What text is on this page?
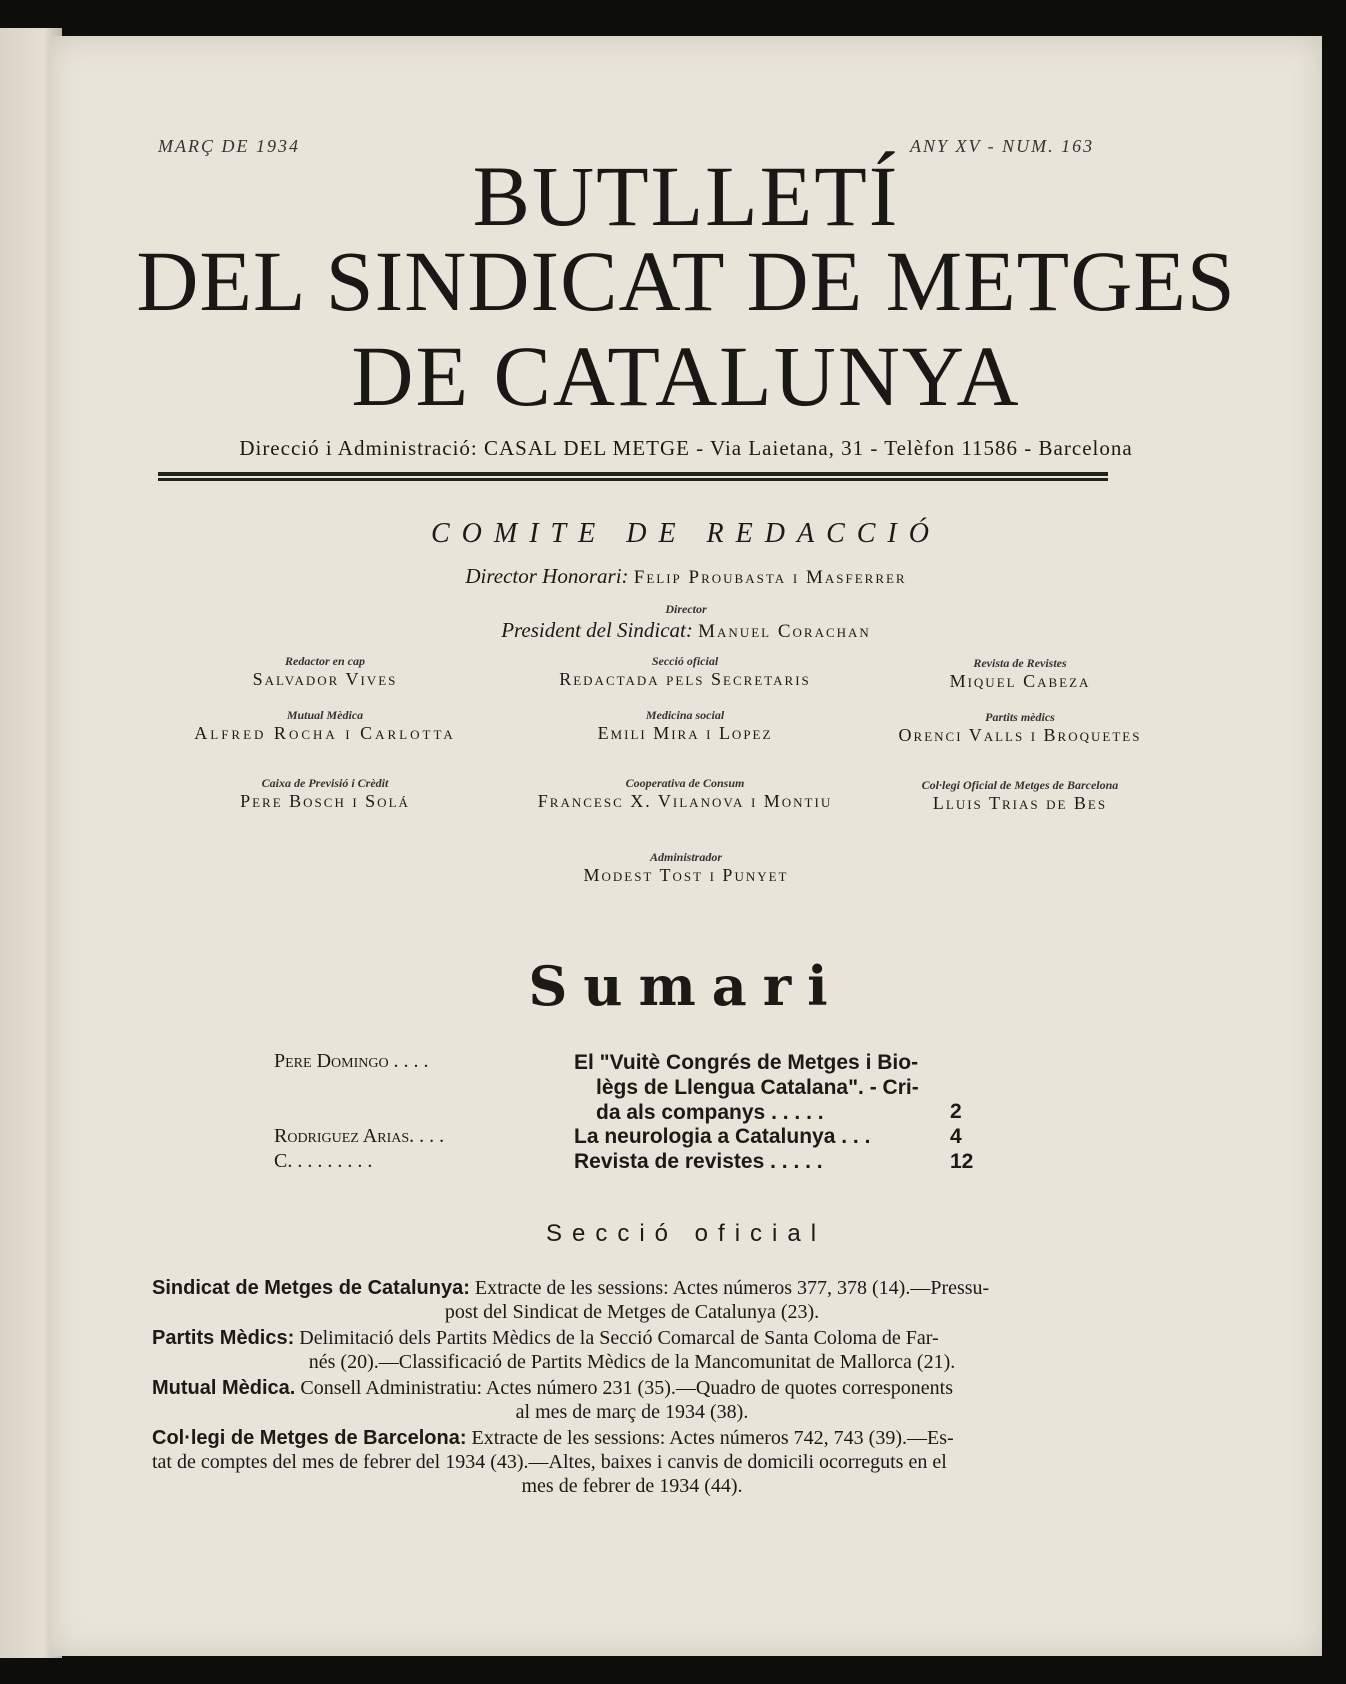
MARÇ DE 1934	ANY XV - NUM. 163
BUTLLETÍ
DEL SINDICAT DE METGES
DE CATALUNYA
Direcció i Administració: CASAL DEL METGE - Via Laietana, 31 - Telèfon 11586 - Barcelona
COMITE DE REDACCIÓ
Director Honorari: Felip Proubasta i Masferrer
Director
President del Sindicat: Manuel Corachan
Redactor en cap
Salvador Vives
Secció oficial
Redactada pels Secretaris
Revista de Revistes
Miquel Cabeza
Mutual Mèdica
Alfred Rocha i Carlotta
Medicina social
Emili Mira i Lopez
Partits mèdics
Orenci Valls i Broquetes
Caixa de Previsió i Crèdit
Pere Bosch i Solá
Cooperativa de Consum
Francesc X. Vilanova i Montiu
Col·legi Oficial de Metges de Barcelona
Lluis Trias de Bes
Administrador
Modest Tost i Punyet
Sumari
Pere Domingo . . . .	El "Vuitè Congrés de Metges i Bio-
lègs de Llengua Catalana". - Cri-
da als companys . . . . .	2
Rodriguez Arias. . . .	La neurologia a Catalunya . . .	4
C. . . . . . . . .	Revista de revistes . . . . .	12
Secció oficial
Sindicat de Metges de Catalunya: Extracte de les sessions: Actes números 377, 378 (14).—Pressu-
post del Sindicat de Metges de Catalunya (23).
Partits Mèdics: Delimitació dels Partits Mèdics de la Secció Comarcal de Santa Coloma de Far-
nés (20).—Classificació de Partits Mèdics de la Mancomunitat de Mallorca (21).
Mutual Mèdica. Consell Administratiu: Actes número 231 (35).—Quadro de quotes corresponents
al mes de març de 1934 (38).
Col·legi de Metges de Barcelona: Extracte de les sessions: Actes números 742, 743 (39).—Es-
tat de comptes del mes de febrer del 1934 (43).—Altes, baixes i canvis de domicili ocorreguts en el
mes de febrer de 1934 (44).
